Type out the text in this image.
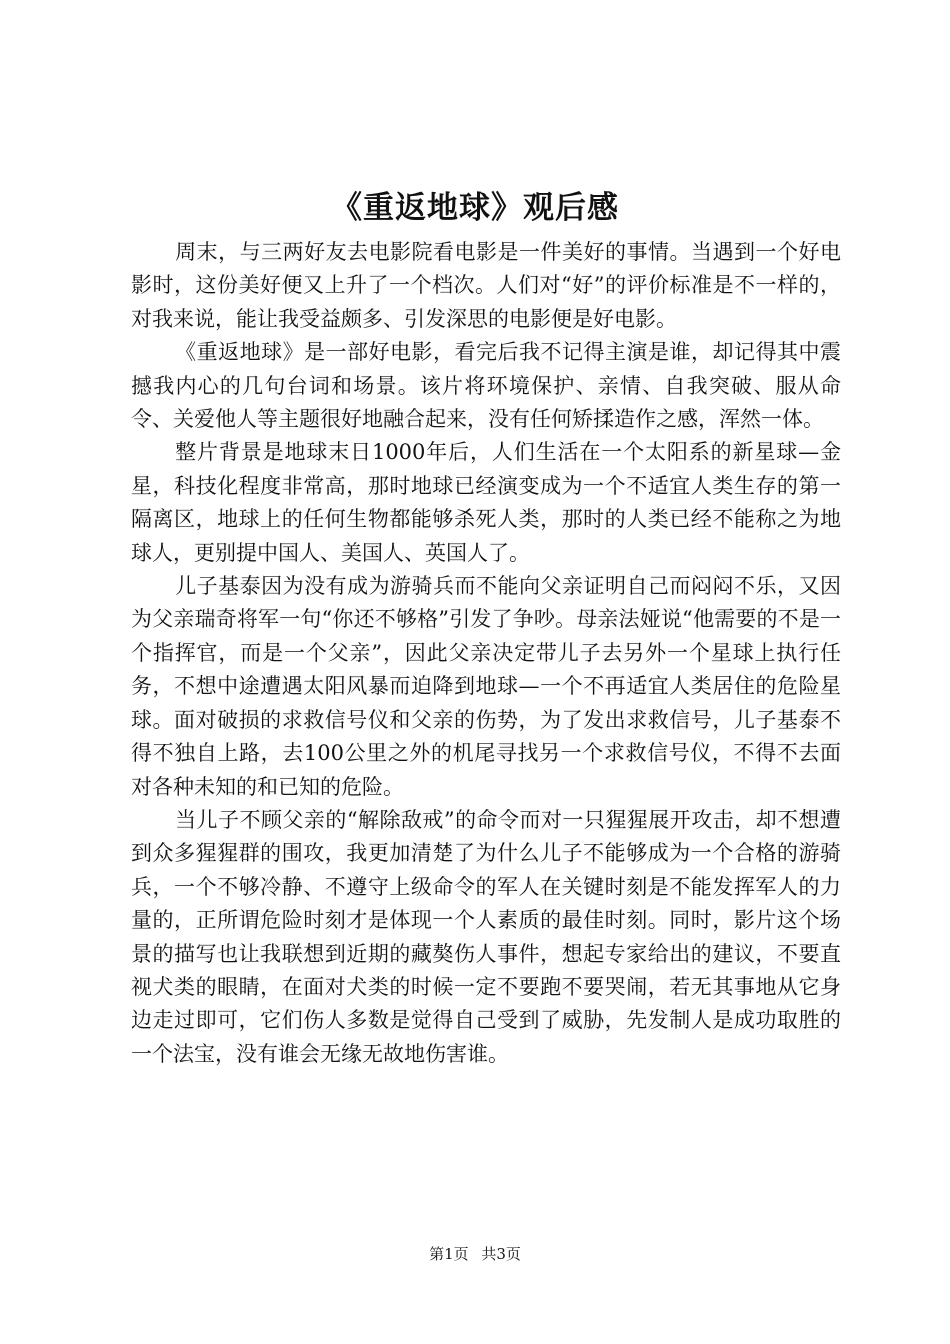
《重返地球》观后感

周末，与三两好友去电影院看电影是一件美好的事情。当遇到一个好电影时，这份美好便又上升了一个档次。人们对“好”的评价标准是不一样的，对我来说，能让我受益颇多、引发深思的电影便是好电影。

《重返地球》是一部好电影，看完后我不记得主演是谁，却记得其中震撼我内心的几句台词和场景。该片将环境保护、亲情、自我突破、服从命令、关爱他人等主题很好地融合起来，没有任何矫揉造作之感，浑然一体。

整片背景是地球末日1000年后，人们生活在一个太阳系的新星球—金星，科技化程度非常高，那时地球已经演变成为一个不适宜人类生存的第一隔离区，地球上的任何生物都能够杀死人类，那时的人类已经不能称之为地球人，更别提中国人、美国人、英国人了。

儿子基泰因为没有成为游骑兵而不能向父亲证明自己而闷闷不乐，又因为父亲瑞奇将军一句“你还不够格”引发了争吵。母亲法娅说“他需要的不是一个指挥官，而是一个父亲”，因此父亲决定带儿子去另外一个星球上执行任务，不想中途遭遇太阳风暴而迫降到地球—一个不再适宜人类居住的危险星球。面对破损的求救信号仪和父亲的伤势，为了发出求救信号，儿子基泰不得不独自上路，去100公里之外的机尾寻找另一个求救信号仪，不得不去面对各种未知的和已知的危险。

当儿子不顾父亲的“解除敌戒”的命令而对一只猩猩展开攻击，却不想遭到众多猩猩群的围攻，我更加清楚了为什么儿子不能够成为一个合格的游骑兵，一个不够冷静、不遵守上级命令的军人在关键时刻是不能发挥军人的力量的，正所谓危险时刻才是体现一个人素质的最佳时刻。同时，影片这个场景的描写也让我联想到近期的藏獒伤人事件，想起专家给出的建议，不要直视犬类的眼睛，在面对犬类的时候一定不要跑不要哭闹，若无其事地从它身边走过即可，它们伤人多数是觉得自己受到了威胁，先发制人是成功取胜的一个法宝，没有谁会无缘无故地伤害谁。

第1页 共3页
